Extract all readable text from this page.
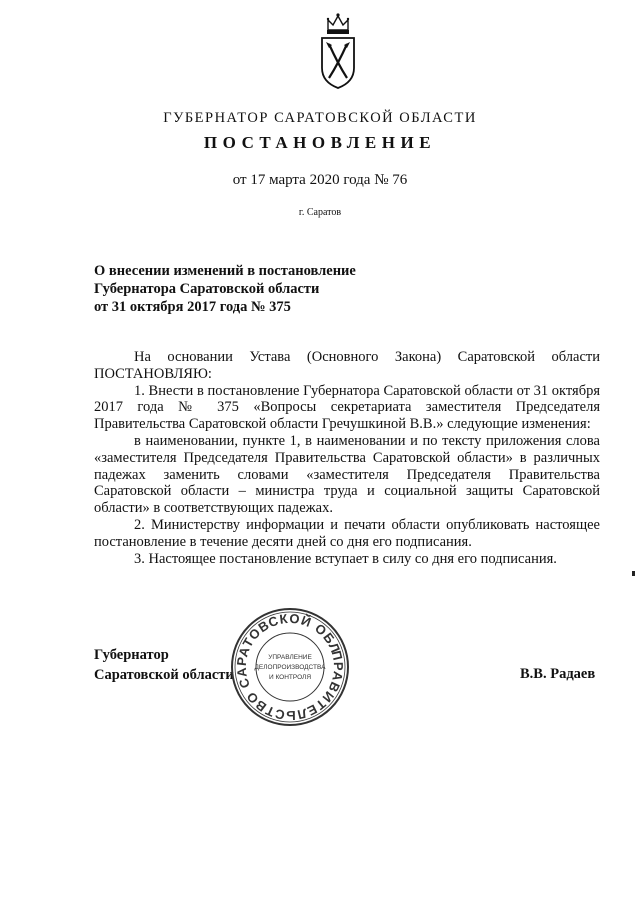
ГУБЕРНАТОР САРАТОВСКОЙ ОБЛАСТИ
ПОСТАНОВЛЕНИЕ
от 17 марта 2020 года № 76
г. Саратов
О внесении изменений в постановление
Губернатора Саратовской области
от 31 октября 2017 года № 375

На основании Устава (Основного Закона) Саратовской области

ПОСТАНОВЛЯЮ:

1. Внести в постановление Губернатора Саратовской области от 31 октября 2017 года № 375 «Вопросы секретариата заместителя Председателя Правительства Саратовской области Гречушкиной В.В.» следующие изменения:

в наименовании, пункте 1, в наименовании и по тексту приложения слова «заместителя Председателя Правительства Саратовской области» в различных падежах заменить словами «заместителя Председателя Правительства Саратовской области – министра труда и социальной защиты Саратовской области» в соответствующих падежах.

2. Министерству информации и печати области опубликовать настоящее постановление в течение десяти дней со дня его подписания.

3. Настоящее постановление вступает в силу со дня его подписания.

Губернатор
Саратовской области	В.В. Радаев
ПРАВИТЕЛЬСТВО САРАТОВСКОЙ ОБЛАСТИ
УПРАВЛЕНИЕ
ДЕЛОПРОИЗВОДСТВА
И КОНТРОЛЯ
